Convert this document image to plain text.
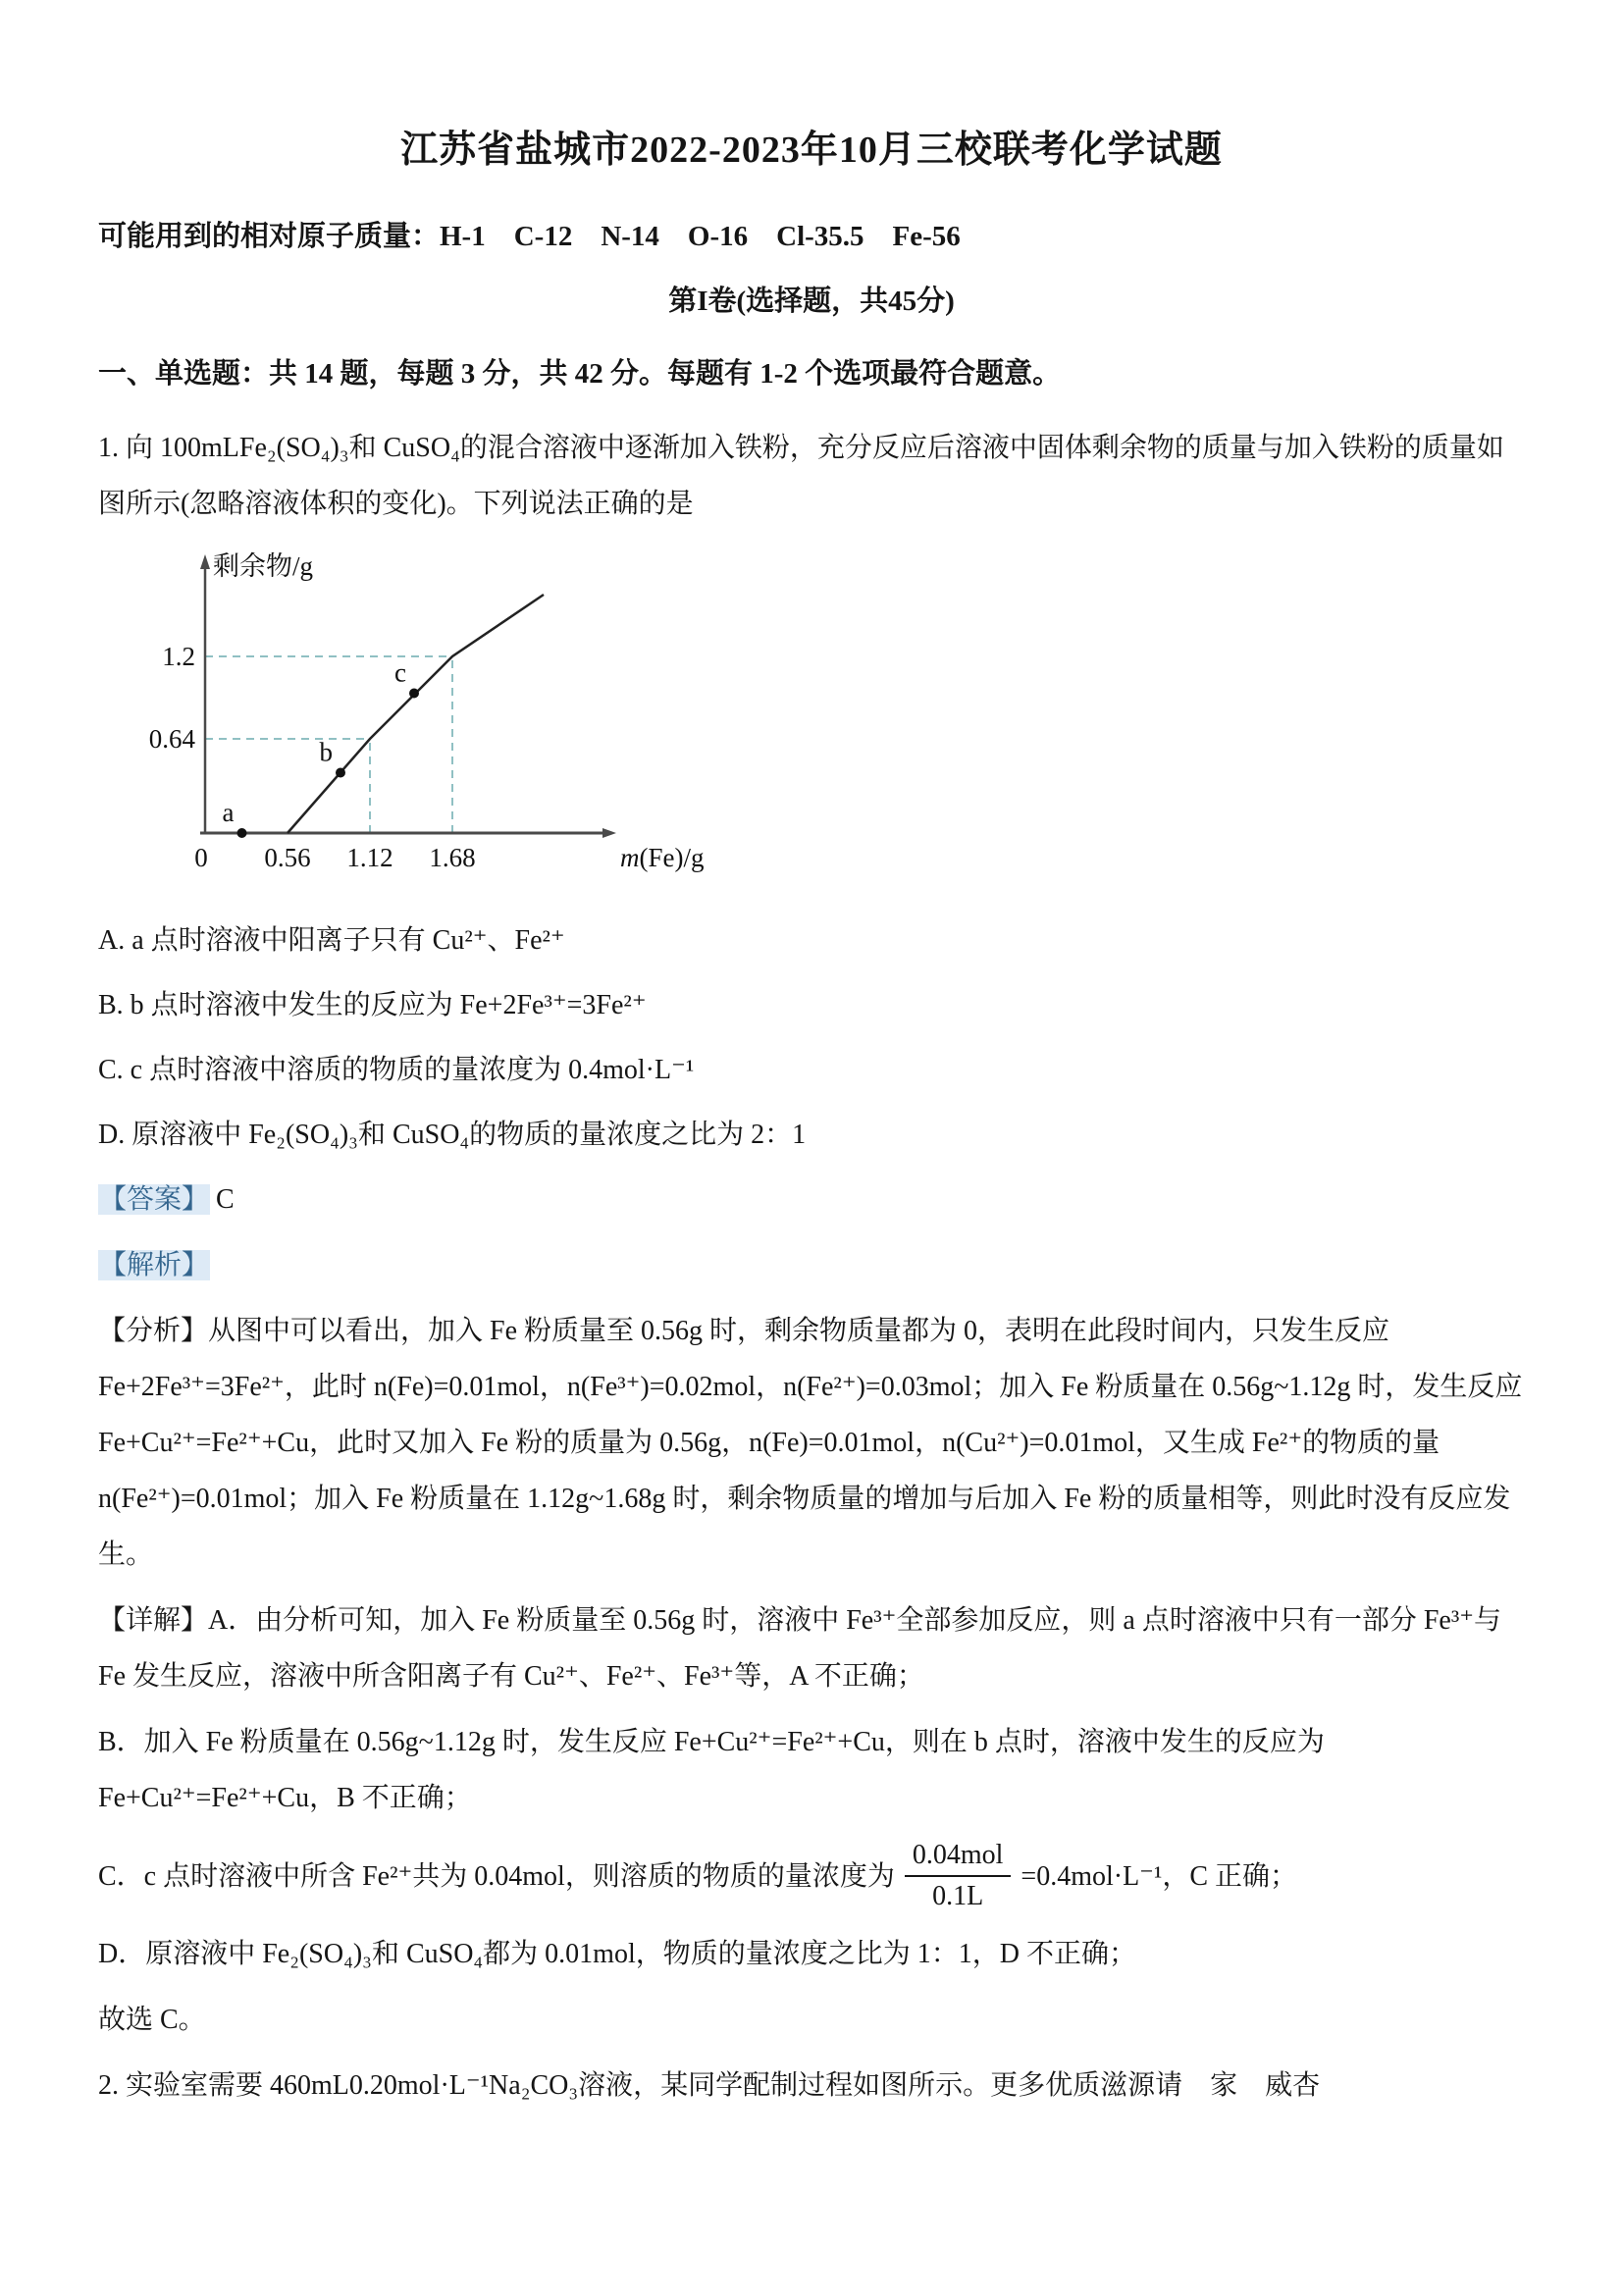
江苏省盐城市2022-2023年10月三校联考化学试题

可能用到的相对原子质量：H-1　C-12　N-14　O-16　Cl-35.5　Fe-56

第I卷(选择题，共45分)

一、单选题：共 14 题，每题 3 分，共 42 分。每题有 1-2 个选项最符合题意。

1. 向 100mLFe₂(SO₄)₃和 CuSO₄的混合溶液中逐渐加入铁粉，充分反应后溶液中固体剩余物的质量与加入铁粉的质量如图所示(忽略溶液体积的变化)。下列说法正确的是

0 0.56 1.12 1.68
0.64
1.2
a
b
c
剩余物/g
m(Fe)/g

A. a 点时溶液中阳离子只有 Cu²⁺、Fe²⁺

B. b 点时溶液中发生的反应为 Fe+2Fe³⁺=3Fe²⁺

C. c 点时溶液中溶质的物质的量浓度为 0.4mol·L⁻¹

D. 原溶液中 Fe₂(SO₄)₃和 CuSO₄的物质的量浓度之比为 2：1

【答案】 C

【解析】

【分析】从图中可以看出，加入 Fe 粉质量至 0.56g 时，剩余物质量都为 0，表明在此段时间内，只发生反应 Fe+2Fe³⁺=3Fe²⁺，此时 n(Fe)=0.01mol，n(Fe³⁺)=0.02mol，n(Fe²⁺)=0.03mol；加入 Fe 粉质量在 0.56g~1.12g 时，发生反应 Fe+Cu²⁺=Fe²⁺+Cu，此时又加入 Fe 粉的质量为 0.56g，n(Fe)=0.01mol，n(Cu²⁺)=0.01mol，又生成 Fe²⁺的物质的量 n(Fe²⁺)=0.01mol；加入 Fe 粉质量在 1.12g~1.68g 时，剩余物质量的增加与后加入 Fe 粉的质量相等，则此时没有反应发生。

【详解】A．由分析可知，加入 Fe 粉质量至 0.56g 时，溶液中 Fe³⁺全部参加反应，则 a 点时溶液中只有一部分 Fe³⁺与 Fe 发生反应，溶液中所含阳离子有 Cu²⁺、Fe²⁺、Fe³⁺等，A 不正确；

B．加入 Fe 粉质量在 0.56g~1.12g 时，发生反应 Fe+Cu²⁺=Fe²⁺+Cu，则在 b 点时，溶液中发生的反应为 Fe+Cu²⁺=Fe²⁺+Cu，B 不正确；

C．c 点时溶液中所含 Fe²⁺共为 0.04mol，则溶质的物质的量浓度为 $\frac{\text{0.04mol}}{0.1L} =0.4mol\cdot L^{-1}$，C 正确；

D．原溶液中 Fe₂(SO₄)₃和 CuSO₄都为 0.01mol，物质的量浓度之比为 1：1，D 不正确；

故选 C。

2. 实验室需要 460mL0.20mol·L⁻¹Na₂CO₃溶液，某同学配制过程如图所示。更多优质滋源请　家　威杏
